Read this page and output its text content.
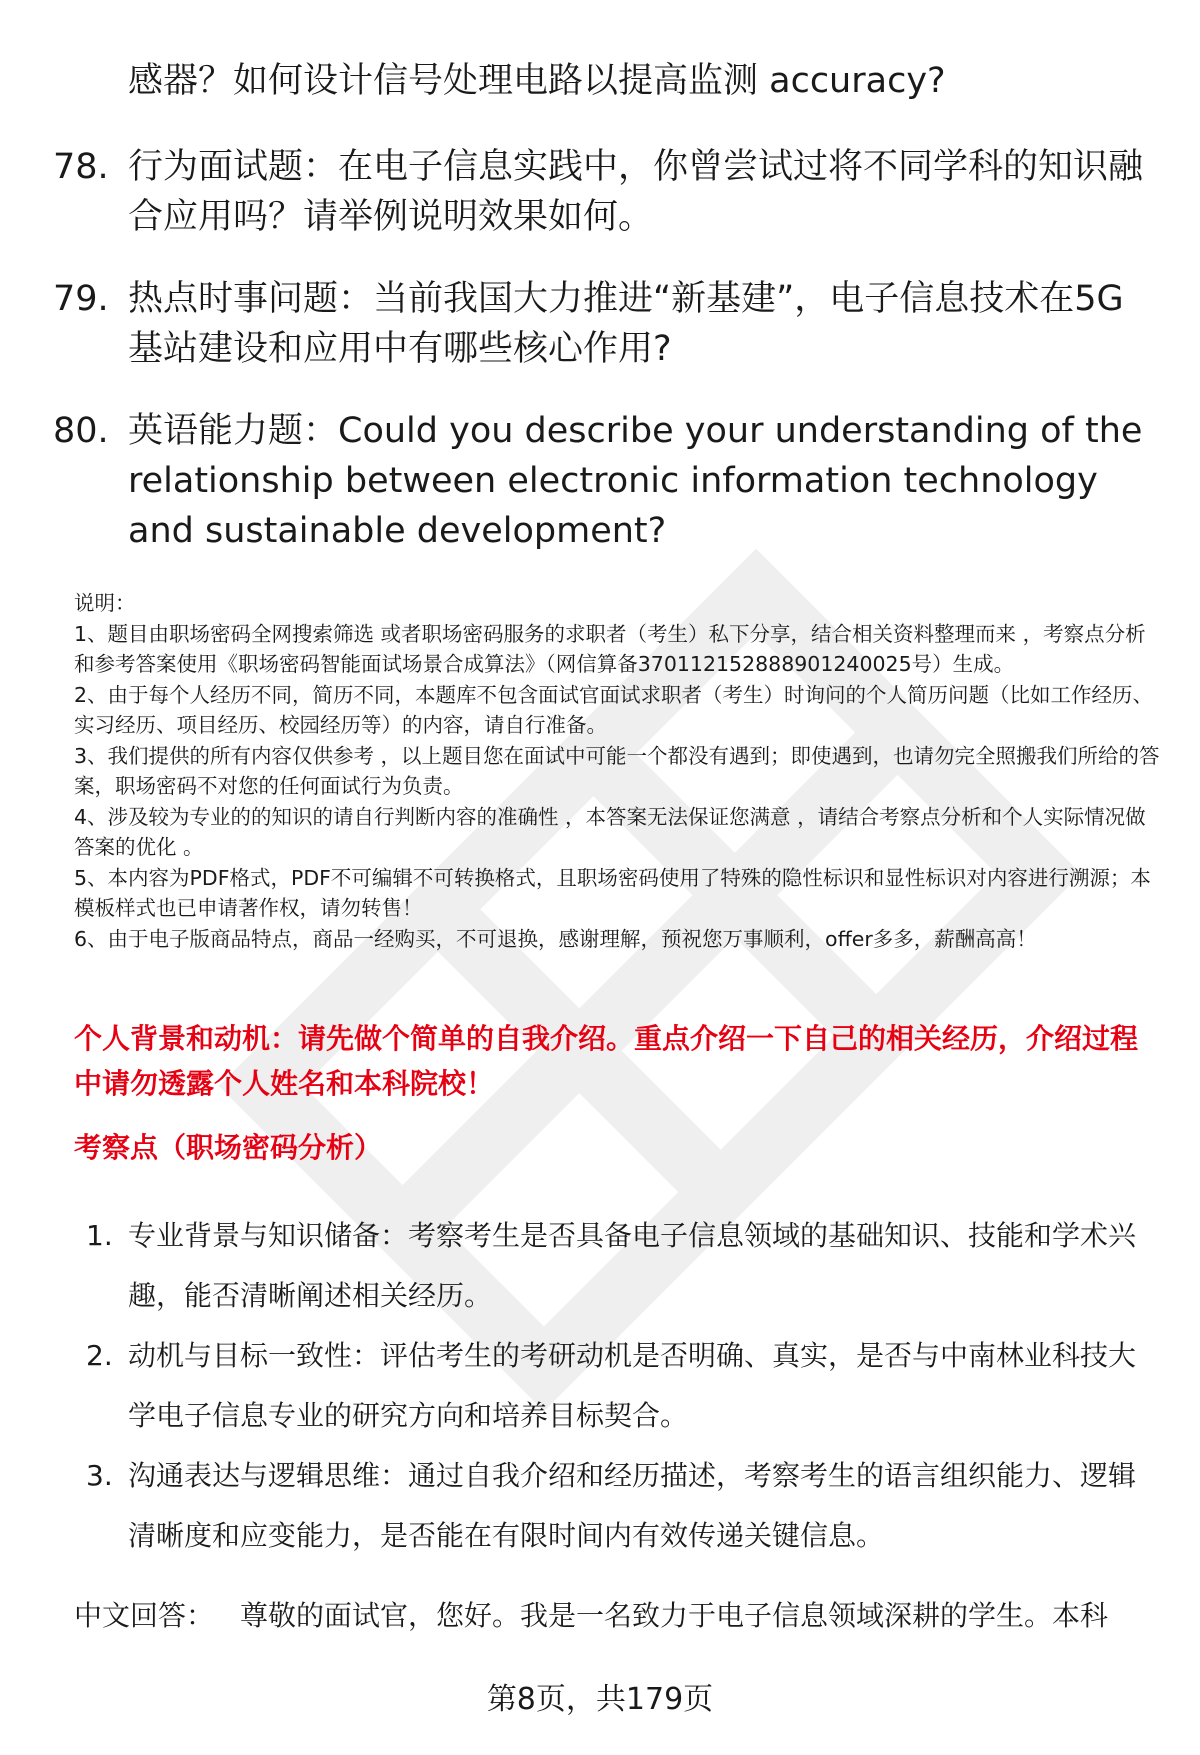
感器？如何设计信号处理电路以提高监测 accuracy?
78. 行为面试题：在电子信息实践中，你曾尝试过将不同学科的知识融合应用吗？请举例说明效果如何。
79. 热点时事问题：当前我国大力推进“新基建”，电子信息技术在5G基站建设和应用中有哪些核心作用?
80. 英语能力题：Could you describe your understanding of the relationship between electronic information technology and sustainable development?
说明：
1、题目由职场密码全网搜索筛选 或者职场密码服务的求职者（考生）私下分享，结合相关资料整理而来 ，考察点分析和参考答案使用《职场密码智能面试场景合成算法》（网信算备370112152888901240025号）生成。
2、由于每个人经历不同，简历不同，本题库不包含面试官面试求职者（考生）时询问的个人简历问题（比如工作经历、实习经历、项目经历、校园经历等）的内容，请自行准备。
3、我们提供的所有内容仅供参考 ，以上题目您在面试中可能一个都没有遇到；即使遇到，也请勿完全照搬我们所给的答案，职场密码不对您的任何面试行为负责。
4、涉及较为专业的的知识的请自行判断内容的准确性 ，本答案无法保证您满意 ，请结合考察点分析和个人实际情况做答案的优化 。
5、本内容为PDF格式，PDF不可编辑不可转换格式，且职场密码使用了特殊的隐性标识和显性标识对内容进行溯源；本模板样式也已申请著作权，请勿转售！
6、由于电子版商品特点，商品一经购买，不可退换，感谢理解，预祝您万事顺利，offer多多，薪酬高高！
个人背景和动机：请先做个简单的自我介绍。重点介绍一下自己的相关经历，介绍过程中请勿透露个人姓名和本科院校！
考察点（职场密码分析）
1. 专业背景与知识储备：考察考生是否具备电子信息领域的基础知识、技能和学术兴趣，能否清晰阐述相关经历。
2. 动机与目标一致性：评估考生的考研动机是否明确、真实，是否与中南林业科技大学电子信息专业的研究方向和培养目标契合。
3. 沟通表达与逻辑思维：通过自我介绍和经历描述，考察考生的语言组织能力、逻辑清晰度和应变能力，是否能在有限时间内有效传递关键信息。
中文回答： 尊敬的面试官，您好。我是一名致力于电子信息领域深耕的学生。本科
第8页，共179页
